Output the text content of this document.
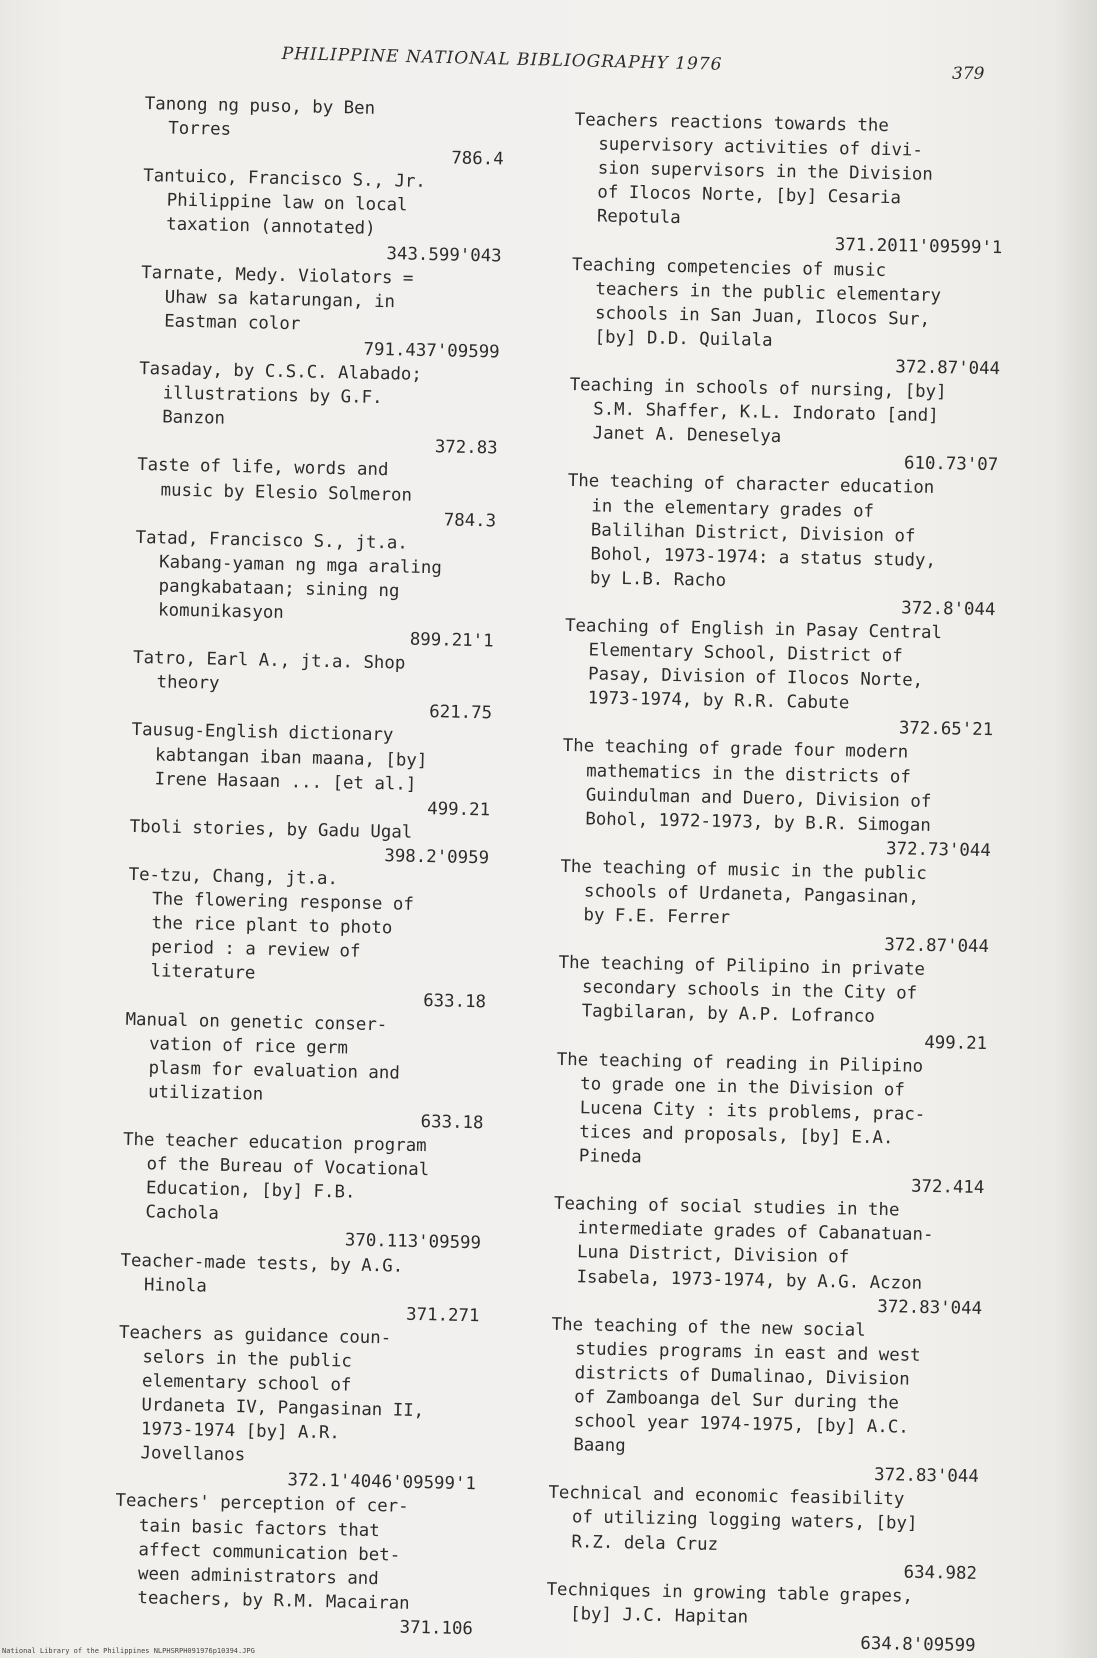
PHILIPPINE NATIONAL BIBLIOGRAPHY 1976	379
Tanong ng puso, by Ben
Torres
786.4
Tantuico, Francisco S., Jr.
Philippine law on local
taxation (annotated)
343.599'043
Tarnate, Medy. Violators =
Uhaw sa katarungan, in
Eastman color
791.437'09599
Tasaday, by C.S.C. Alabado;
illustrations by G.F.
Banzon
372.83
Taste of life, words and
music by Elesio Solmeron
784.3
Tatad, Francisco S., jt.a.
Kabang-yaman ng mga araling
pangkabataan; sining ng
komunikasyon
899.21'1
Tatro, Earl A., jt.a. Shop
theory
621.75
Tausug-English dictionary
kabtangan iban maana, [by]
Irene Hasaan ... [et al.]
499.21
Tboli stories, by Gadu Ugal
398.2'0959
Te-tzu, Chang, jt.a.
The flowering response of
the rice plant to photo
period : a review of
literature
633.18
Manual on genetic conser-
vation of rice germ
plasm for evaluation and
utilization
633.18
The teacher education program
of the Bureau of Vocational
Education, [by] F.B.
Cachola
370.113'09599
Teacher-made tests, by A.G.
Hinola
371.271
Teachers as guidance coun-
selors in the public
elementary school of
Urdaneta IV, Pangasinan II,
1973-1974 [by] A.R.
Jovellanos
372.1'4046'09599'1
Teachers' perception of cer-
tain basic factors that
affect communication bet-
ween administrators and
teachers, by R.M. Macairan
371.106
Teachers reactions towards the
supervisory activities of divi-
sion supervisors in the Division
of Ilocos Norte, [by] Cesaria
Repotula
371.2011'09599'1
Teaching competencies of music
teachers in the public elementary
schools in San Juan, Ilocos Sur,
[by] D.D. Quilala
372.87'044
Teaching in schools of nursing, [by]
S.M. Shaffer, K.L. Indorato [and]
Janet A. Deneselya
610.73'07
The teaching of character education
in the elementary grades of
Balilihan District, Division of
Bohol, 1973-1974: a status study,
by L.B. Racho
372.8'044
Teaching of English in Pasay Central
Elementary School, District of
Pasay, Division of Ilocos Norte,
1973-1974, by R.R. Cabute
372.65'21
The teaching of grade four modern
mathematics in the districts of
Guindulman and Duero, Division of
Bohol, 1972-1973, by B.R. Simogan
372.73'044
The teaching of music in the public
schools of Urdaneta, Pangasinan,
by F.E. Ferrer
372.87'044
The teaching of Pilipino in private
secondary schools in the City of
Tagbilaran, by A.P. Lofranco
499.21
The teaching of reading in Pilipino
to grade one in the Division of
Lucena City : its problems, prac-
tices and proposals, [by] E.A.
Pineda
372.414
Teaching of social studies in the
intermediate grades of Cabanatuan-
Luna District, Division of
Isabela, 1973-1974, by A.G. Aczon
372.83'044
The teaching of the new social
studies programs in east and west
districts of Dumalinao, Division
of Zamboanga del Sur during the
school year 1974-1975, [by] A.C.
Baang
372.83'044
Technical and economic feasibility
of utilizing logging waters, [by]
R.Z. dela Cruz
634.982
Techniques in growing table grapes,
[by] J.C. Hapitan
634.8'09599
National Library of the Philippines NLPHSRPH091976p10394.JPG
